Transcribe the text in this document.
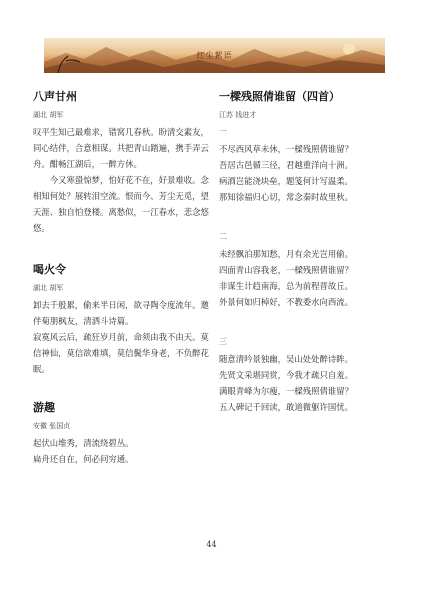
红尘絮语
八声甘州
湖北 胡军

叹平生知己最难求，错窝几春秋。盼清交素友，同心结伴，合意相谋。共把青山踏遍，携手弄云舟。酣畅江湖后，一醉方休。

今又寒蛩惊梦，怕好花不在，好景难收。念相知何处？展转泪空流。恨而今、芳尘无觅，望天涯、独自怕登楼。离愁似，一江春水，悲念悠悠。

喝火令
湖北 胡军

卸去千般累，偷来半日闲，欲寻陶令度流年。邀伴菊朋枫友，清洒斗诗篇。

寂寞风云后，疏狂岁月前，命须由我不由天。莫信神仙，莫信欲难填，莫信鬓华身老，不负醉花眠。

游趣
安徽 张国贞

起伏山堆秀，清流绕碧丛。

扁舟还自在，何必问穷通。

一樑残照倩谁留（四首）
江苏 钱进才
一

不尽西风草未休，一樑残照倩谁留？

吾居古邑循三径，君越重洋向十洲。

病酒岂能浇块垒，题笺何计写温柔。

那知徐福归心切，常念秦时故里秋。

二

未经飘泊那知愁，月有余光岂用偷。

四面青山容我老，一樑残照倩谁留？

非谋生计趋南海，总为前程晋故丘。

外景何如归棹好，不教委水向西流。

三

随意清吟景独幽，吴山处处醉诗眸。

先贤文采堪同赏，今我才疏只自羞。

满眼青峰为尔瘦，一樑残照倩谁留？

五人碑记千回读，敢道微躯许国忧。

44
